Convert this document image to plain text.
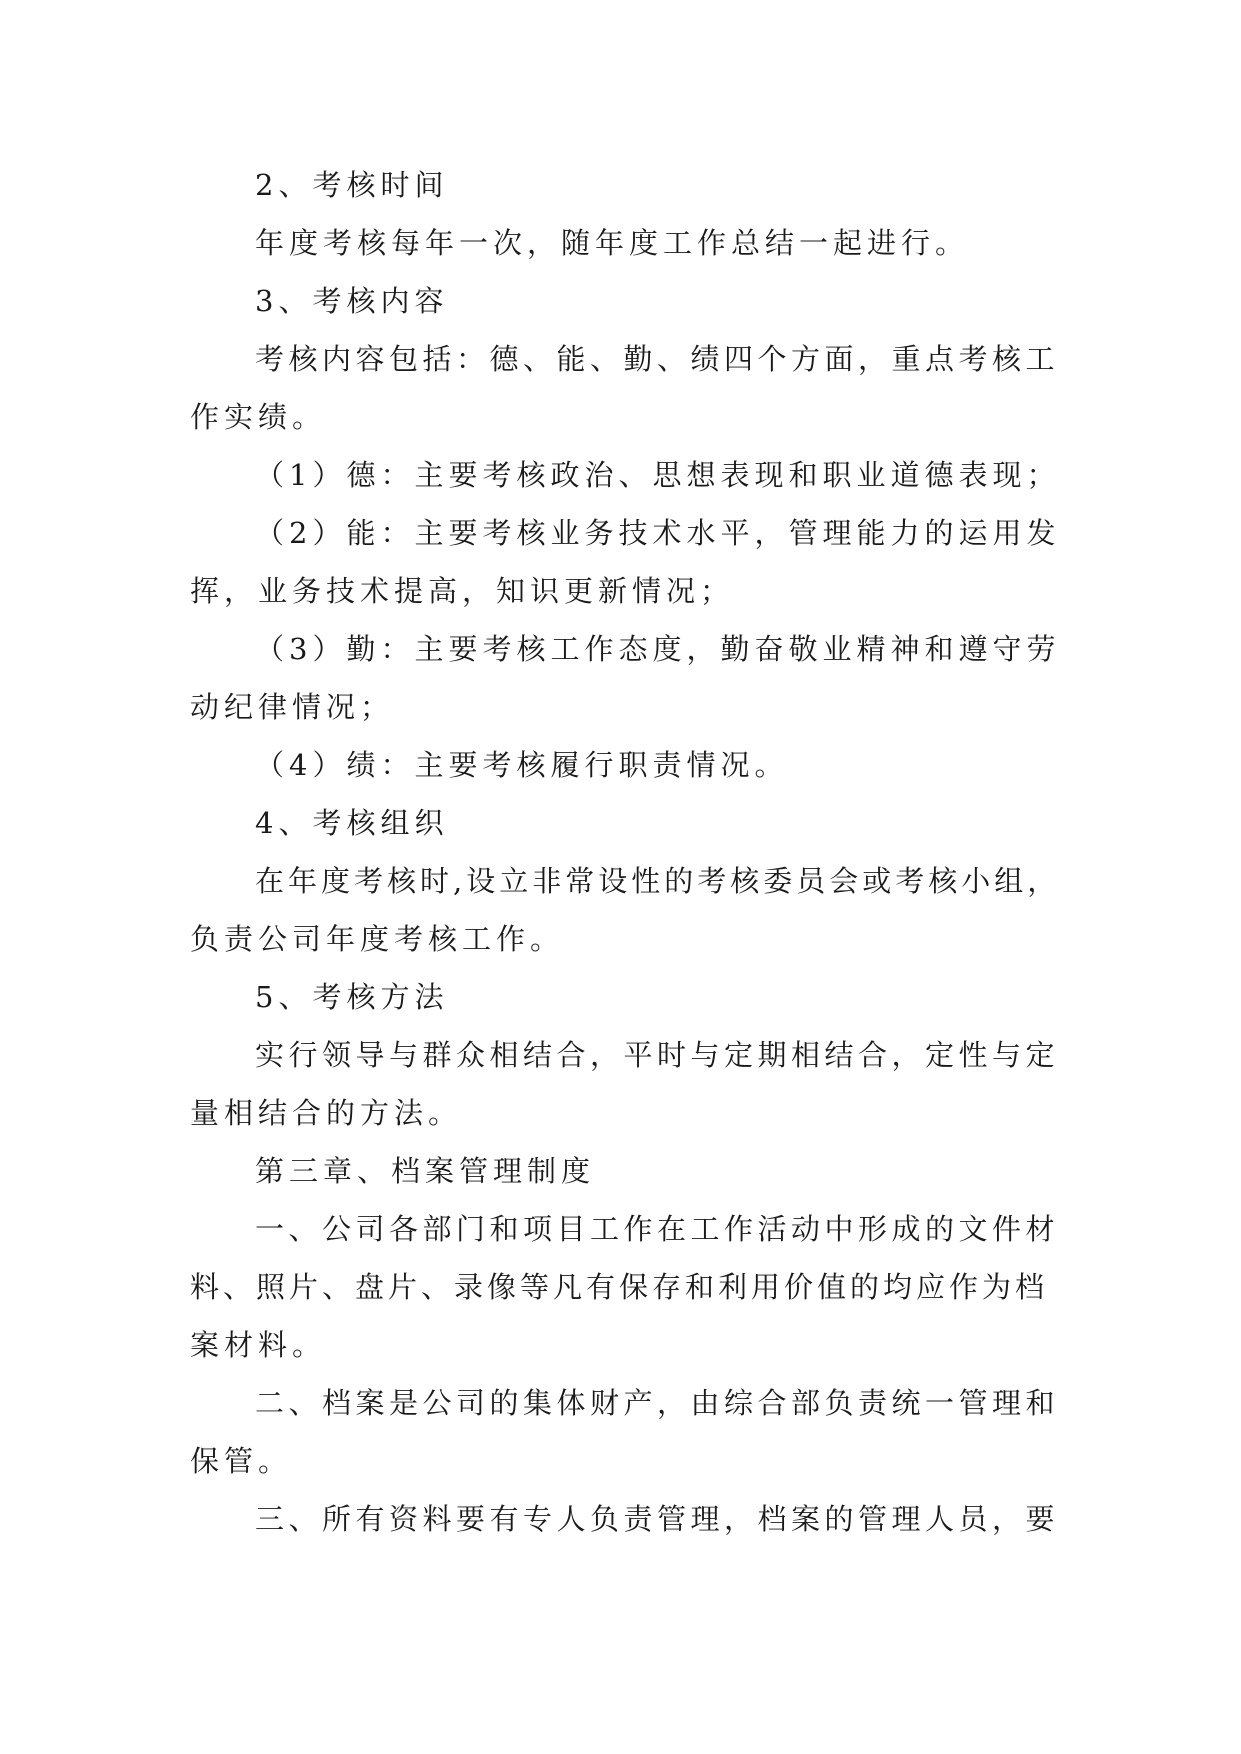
2、考核时间
年度考核每年一次，随年度工作总结一起进行。
3、考核内容
考核内容包括：德、能、勤、绩四个方面，重点考核工
作实绩。
（1）德：主要考核政治、思想表现和职业道德表现；
（2）能：主要考核业务技术水平，管理能力的运用发
挥，业务技术提高，知识更新情况；
（3）勤：主要考核工作态度，勤奋敬业精神和遵守劳
动纪律情况；
（4）绩：主要考核履行职责情况。
4、考核组织
在年度考核时,设立非常设性的考核委员会或考核小组，
负责公司年度考核工作。
5、考核方法
实行领导与群众相结合，平时与定期相结合，定性与定
量相结合的方法。
第三章、档案管理制度
一、公司各部门和项目工作在工作活动中形成的文件材
料、照片、盘片、录像等凡有保存和利用价值的均应作为档
案材料。
二、档案是公司的集体财产，由综合部负责统一管理和
保管。
三、所有资料要有专人负责管理，档案的管理人员，要
